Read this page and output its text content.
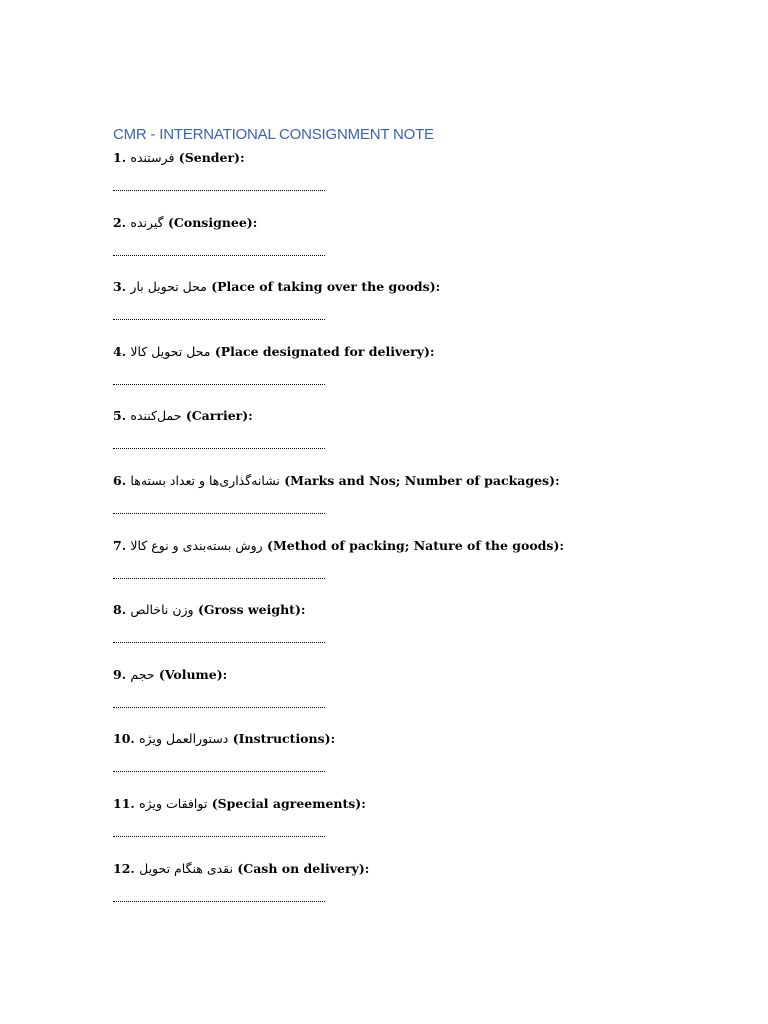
CMR - INTERNATIONAL CONSIGNMENT NOTE
1. فرستنده (Sender):
2. گیرنده (Consignee):
3. محل تحویل بار (Place of taking over the goods):
4. محل تحویل کالا (Place designated for delivery):
5. حمل‌کننده (Carrier):
6. نشانه‌گذاری‌ها و تعداد بسته‌ها (Marks and Nos; Number of packages):
7. روش بسته‌بندی و نوع کالا (Method of packing; Nature of the goods):
8. وزن ناخالص (Gross weight):
9. حجم (Volume):
10. دستورالعمل ویژه (Instructions):
11. توافقات ویژه (Special agreements):
12. نقدی هنگام تحویل (Cash on delivery):
